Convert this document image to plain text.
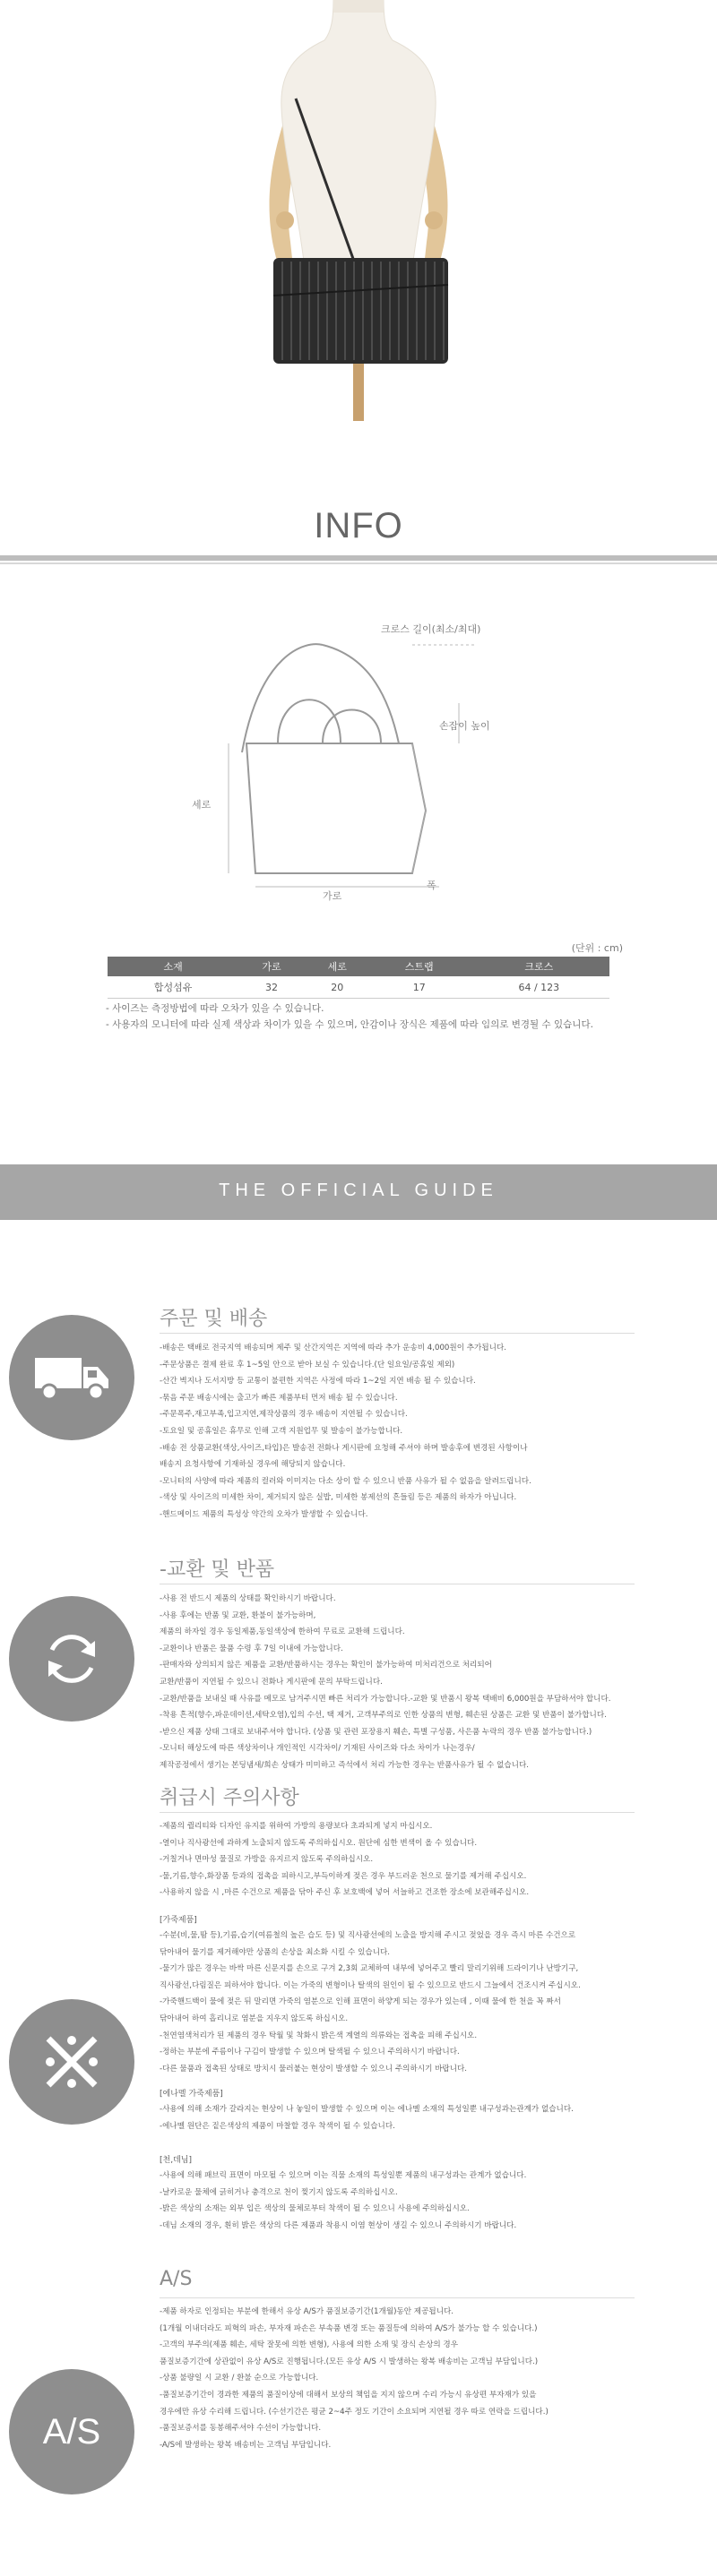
INFO
크로스 길이(최소/최대)
손잡이 높이
세로
가로
폭
(단위 : cm)
소재	가로	세로	스트랩	크로스
합성섬유	32	20	17	64 / 123
- 사이즈는 측정방법에 따라 오차가 있을 수 있습니다.
- 사용자의 모니터에 따라 실제 색상과 차이가 있을 수 있으며, 안감이나 장식은 제품에 따라 임의로 변경될 수 있습니다.
THE OFFICIAL GUIDE
주문 및 배송
-배송은 택배로 전국지역 배송되며 제주 및 산간지역은 지역에 따라 추가 운송비 4,000원이 추가됩니다.
-주문상품은 결제 완료 후 1~5일 안으로 받아 보실 수 있습니다.(단 일요일/공휴일 제외)
-산간 벽지나 도서지방 등 교통이 불편한 지역은 사정에 따라 1~2일 지연 배송 될 수 있습니다.
-묶음 주문 배송시에는 출고가 빠른 제품부터 먼저 배송 될 수 있습니다.
-주문폭주,재고부족,입고지연,제작상품의 경우 배송이 지연될 수 있습니다.
-토요일 및 공휴일은 휴무로 인해 고객 지원업무 및 발송이 불가능합니다.
-배송 전 상품교환(색상,사이즈,타입)은 발송전 전화나 게시판에 요청해 주셔야 하며 발송후에 변경된 사항이나
배송지 요청사항에 기재하실 경우에 해당되지 않습니다.
-모니터의 사양에 따라 제품의 컬러와 이미지는 다소 상이 할 수 있으니 반품 사유가 될 수 없음을 알려드립니다.
-색상 및 사이즈의 미세한 차이, 제거되지 않은 실밥, 미세한 봉제선의 흔들림 등은 제품의 하자가 아닙니다.
-핸드메이드 제품의 특성상 약간의 오차가 발생할 수 있습니다.
-교환 및 반품
-사용 전 반드시 제품의 상태를 확인하시기 바랍니다.
-사용 후에는 반품 및 교환, 환불이 불가능하며,
제품의 하자일 경우 동일제품,동일색상에 한하여 무료로 교환해 드립니다.
-교환이나 반품은 물품 수령 후 7일 이내에 가능합니다.
-판매자와 상의되지 않은 제품을 교환/반품하시는 경우는 확인이 불가능하여 미처리건으로 처리되어
교환/반품이 지연될 수 있으니 전화나 게시판에 문의 부탁드립니다.
-교환/반품을 보내실 때 사유를 메모로 남겨주시면 빠른 처리가 가능합니다.-교환 및 반품시 왕복 택배비 6,000원을 부담하셔야 합니다.
-착용 흔적(향수,파운데이션,세탁오염),입의 수선, 택 제거, 고객부주의로 인한 상품의 변형, 훼손된 상품은 교환 및 반품이 불가합니다.
-받으신 제품 상태 그대로 보내주셔야 합니다. (상품 및 관련 포장용지 훼손, 특별 구성품, 사은품 누락의 경우 반품 불가능합니다.)
-모니터 해상도에 따른 색상차이나 개인적인 시각차이/ 기재된 사이즈와 다소 차이가 나는경우/
제작공정에서 생기는 본딩냄새/희손 상태가 미미하고 즉석에서 처리 가능한 경우는 반품사유가 될 수 없습니다.
취급시 주의사항
-제품의 퀄리티와 디자인 유지를 위하여 가방의 용량보다 초과되게 넣지 마십시오.
-열이나 직사광선에 과하게 노출되지 않도록 주의하십시오. 원단에 심한 변색이 올 수 있습니다.
-거칠거나 면마성 물질로 가방을 유지르지 않도록 주의하십시오.
-물,기름,향수,화장품 등과의 접촉을 피하시고,부득이하게 젖은 경우 부드러운 천으로 물기를 제거해 주십시오.
-사용하지 않을 시 ,마른 수건으로 제품을 닦아 주신 후 보호백에 넣어 서늘하고 건조한 장소에 보관해주십시오.
[가죽제품]
-수분(비,물,땀 등),기름,습기(여름철의 높은 습도 등) 및 직사광선에의 노출을 방지해 주시고 젖었을 경우 즉시 마른 수건으로
닦아내어 물기를 제거해야만 상품의 손상을 최소화 시킬 수 있습니다.
-물기가 많은 경우는 바싹 마른 신문지를 손으로 구겨 2,3회 교체하여 내부에 넣어주고 빨리 말리기위해 드라이기나 난방기구,
직사광선,다림질은 피하셔야 합니다. 이는 가죽의 변형이나 탈색의 원인이 될 수 있으므로 반드시 그늘에서 건조시켜 주십시오.
-가죽핸드백이 물에 젖은 뒤 말리면 가죽의 염분으로 인해 표면이 하얗게 되는 경우가 있는데 , 이때 물에 한 천을 꼭 짜서
닦아내어 하여 흡리니로 염분을 지우지 않도록 하십시오.
-천연염색처리가 된 제품의 경우 탁월 및 착화시 밝은색 계열의 의류와는 접촉을 피해 주십시오.
-정하는 부분에 주름이나 구김이 발생할 수 있으며 탈색될 수 있으니 주의하시기 바랍니다.
-다른 물품과 접촉된 상태로 방치시 물러붙는 현상이 발생할 수 있으니 주의하시기 바랍니다.
[에나멜 가죽제품]
-사용에 의해 소재가 갈라지는 현상이 나 놓일이 발생할 수 있으며 이는 에나멜 소재의 특성일뿐 내구성과는관계가 없습니다.
-에나멜 원단은 짙은색상의 제품이 마찰할 경우 착색이 될 수 있습니다.
[천,데님]
-사용에 의해 패브릭 표면이 마모될 수 있으며 이는 직물 소재의 특성일뿐 제품의 내구성과는 관계가 없습니다.
-날카로운 물체에 긁히거나 충격으로 천이 찢기지 않도록 주의하십시오.
-밝은 색상의 소재는 외부 입은 색상의 물체로부터 착색이 될 수 있으니 사용에 주의하십시오.
-데님 소재의 경우, 흰히 밝은 색상의 다른 제품과 착용시 이염 현상이 생길 수 있으니 주의하시기 바랍니다.
A/S
A/S
-제품 하자로 인정되는 부분에 한해서 유상 A/S가 품질보증기간(1개월)동안 제공됩니다.
(1개월 이내더라도 피혁의 파손, 부자재 파손은 부속품 변경 또는 품질등에 의하여 A/S가 불가능 할 수 있습니다.)
-고객의 부주의(제품 훼손, 세탁 잘못에 의한 변형), 사용에 의한 소재 및 장식 손상의 경우
품질보증기간에 상관없이 유상 A/S로 진행됩니다.(모든 유상 A/S 시 발생하는 왕복 배송비는 고객님 부담입니다.)
-상품 불량일 시 교환 / 환불 순으로 가능합니다.
-품질보증기간이 경과한 제품의 품질이상에 대해서 보상의 책임을 지지 않으며 수리 가능시 유상편 부자재가 있을
경우에만 유상 수리해 드립니다. (수선기간은 평균 2~4주 정도 기간이 소요되며 지연될 경우 따로 연락을 드립니다.)
-품질보증서를 동봉해주셔야 수선이 가능합니다.
-A/S에 발생하는 왕복 배송비는 고객님 부담입니다.
